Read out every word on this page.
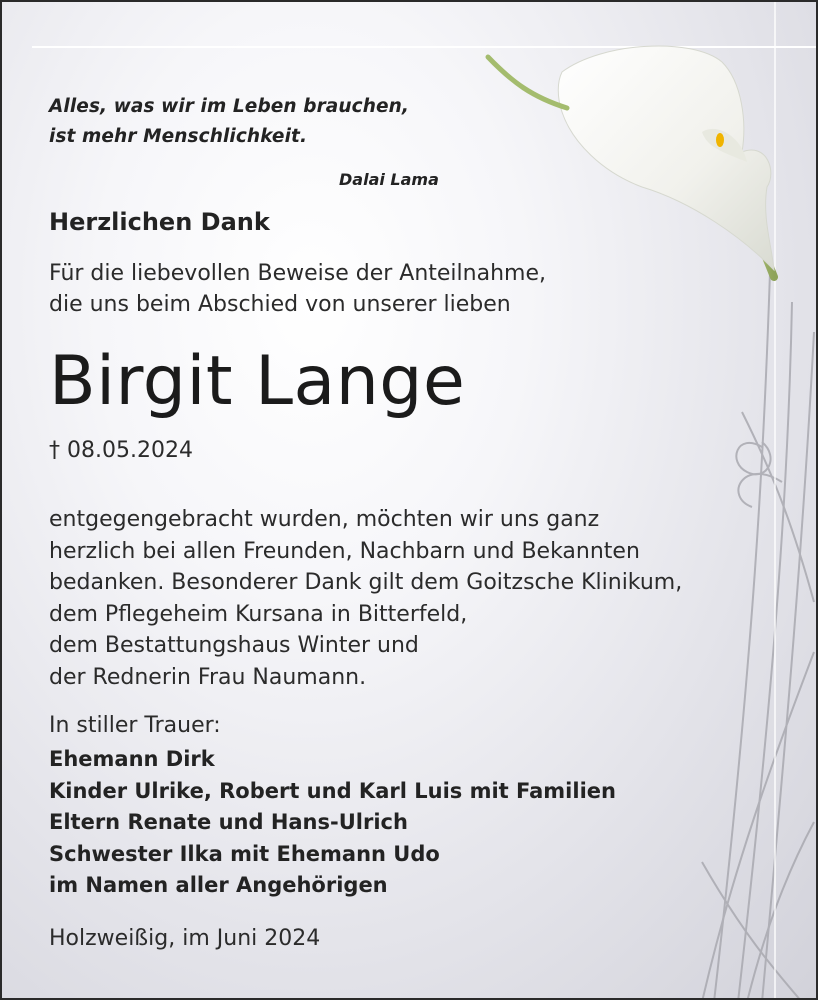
Alles, was wir im Leben brauchen,
ist mehr Menschlichkeit.
Dalai Lama
Herzlichen Dank
Für die liebevollen Beweise der Anteilnahme,
die uns beim Abschied von unserer lieben
Birgit Lange
† 08.05.2024
entgegengebracht wurden, möchten wir uns ganz
herzlich bei allen Freunden, Nachbarn und Bekannten
bedanken. Besonderer Dank gilt dem Goitzsche Klinikum,
dem Pflegeheim Kursana in Bitterfeld,
dem Bestattungshaus Winter und
der Rednerin Frau Naumann.
In stiller Trauer:
Ehemann Dirk
Kinder Ulrike, Robert und Karl Luis mit Familien
Eltern Renate und Hans-Ulrich
Schwester Ilka mit Ehemann Udo
im Namen aller Angehörigen
Holzweißig, im Juni 2024
